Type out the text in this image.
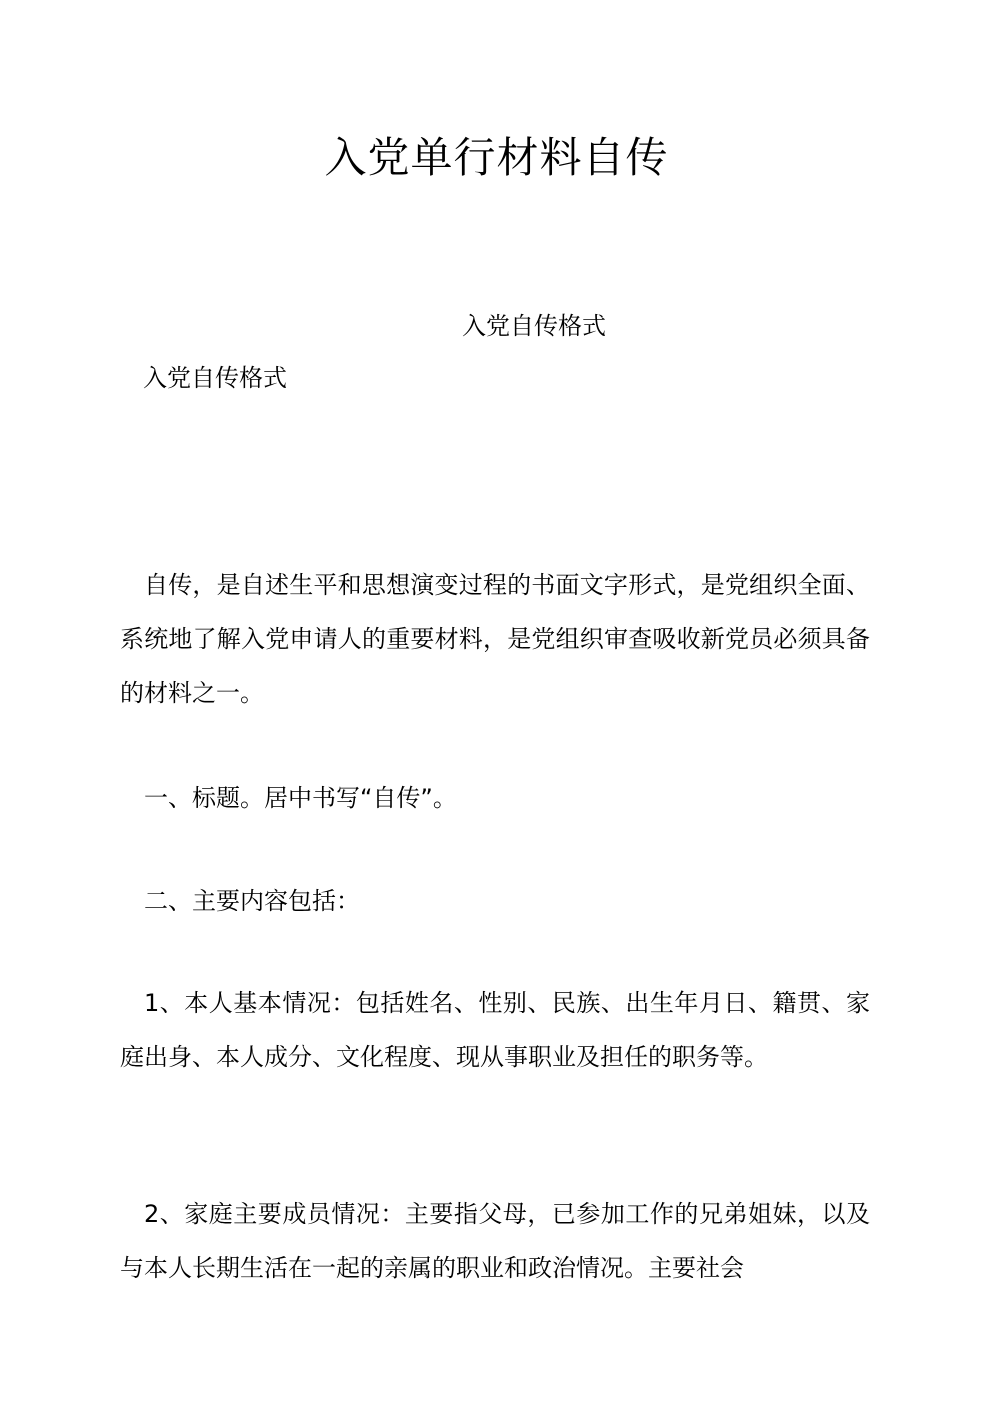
入党单行材料自传

入党自传格式

入党自传格式

自传，是自述生平和思想演变过程的书面文字形式，是党组织全面、系统地了解入党申请人的重要材料，是党组织审查吸收新党员必须具备的材料之一。

一、标题。居中书写“自传”。

二、主要内容包括：

1、本人基本情况：包括姓名、性别、民族、出生年月日、籍贯、家庭出身、本人成分、文化程度、现从事职业及担任的职务等。

2、家庭主要成员情况：主要指父母，已参加工作的兄弟姐妹，以及与本人长期生活在一起的亲属的职业和政治情况。主要社会
